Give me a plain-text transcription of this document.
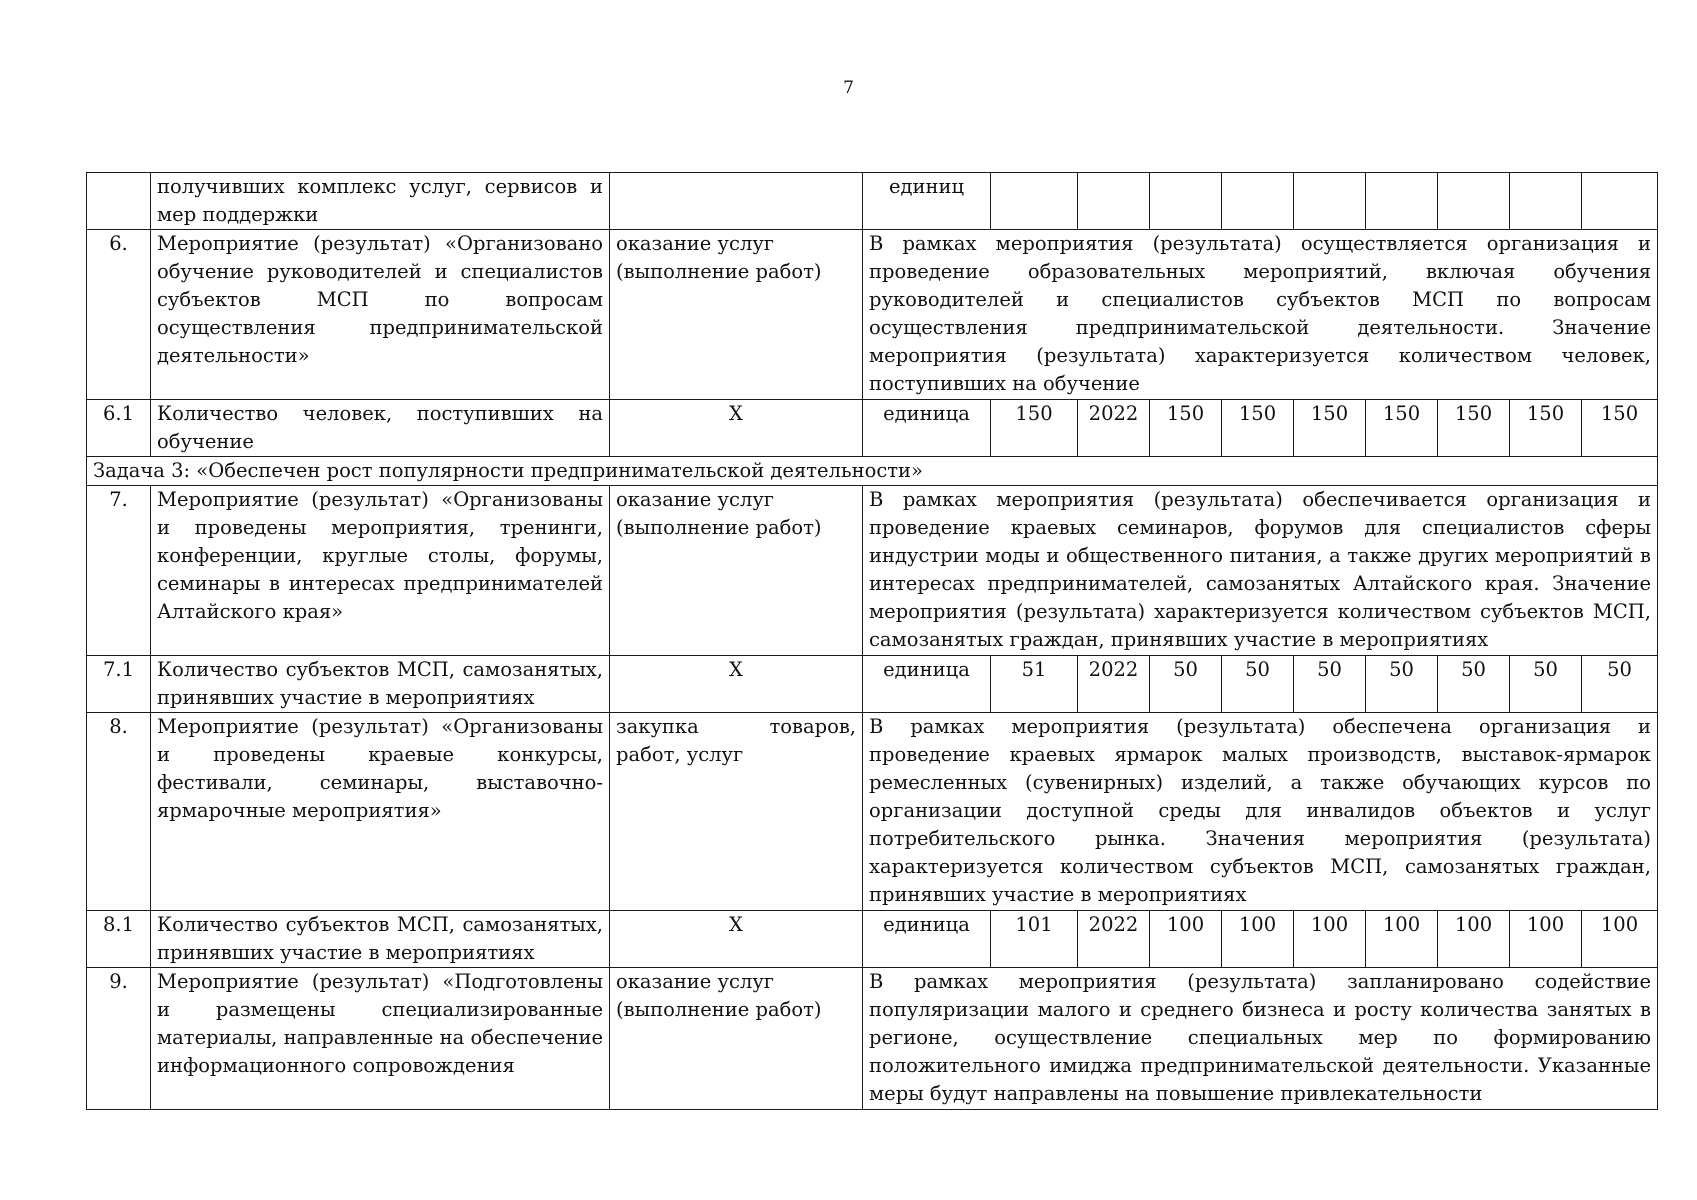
7
	получивших комплекс услуг, сервисов и мер поддержки		единиц									
6.	Мероприятие (результат) «Организовано обучение руководителей и специалистов субъектов МСП по вопросам осуществления предпринимательской деятельности»	оказание услуг (выполнение работ)	В рамках мероприятия (результата) осуществляется организация и проведение образовательных мероприятий, включая обучения руководителей и специалистов субъектов МСП по вопросам осуществления предпринимательской деятельности. Значение мероприятия (результата) характеризуется количеством человек, поступивших на обучение									
6.1	Количество человек, поступивших на обучение	Х	единица	150	2022	150	150	150	150	150	150	150
Задача 3: «Обеспечен рост популярности предпринимательской деятельности»												
7.	Мероприятие (результат) «Организованы и проведены мероприятия, тренинги, конференции, круглые столы, форумы, семинары в интересах предпринимателей Алтайского края»	оказание услуг (выполнение работ)	В рамках мероприятия (результата) обеспечивается организация и проведение краевых семинаров, форумов для специалистов сферы индустрии моды и общественного питания, а также других мероприятий в интересах предпринимателей, самозанятых Алтайского края. Значение мероприятия (результата) характеризуется количеством субъектов МСП, самозанятых граждан, принявших участие в мероприятиях									
7.1	Количество субъектов МСП, самозанятых, принявших участие в мероприятиях	Х	единица	51	2022	50	50	50	50	50	50	50
8.	Мероприятие (результат) «Организованы и проведены краевые конкурсы, фестивали, семинары, выставочно-ярмарочные мероприятия»	закупка товаров, работ, услуг	В рамках мероприятия (результата) обеспечена организация и проведение краевых ярмарок малых производств, выставок-ярмарок ремесленных (сувенирных) изделий, а также обучающих курсов по организации доступной среды для инвалидов объектов и услуг потребительского рынка. Значения мероприятия (результата) характеризуется количеством субъектов МСП, самозанятых граждан, принявших участие в мероприятиях									
8.1	Количество субъектов МСП, самозанятых, принявших участие в мероприятиях	Х	единица	101	2022	100	100	100	100	100	100	100
9.	Мероприятие (результат) «Подготовлены и размещены специализированные материалы, направленные на обеспечение информационного сопровождения	оказание услуг (выполнение работ)	В рамках мероприятия (результата) запланировано содействие популяризации малого и среднего бизнеса и росту количества занятых в регионе, осуществление специальных мер по формированию положительного имиджа предпринимательской деятельности. Указанные меры будут направлены на повышение привлекательности									
